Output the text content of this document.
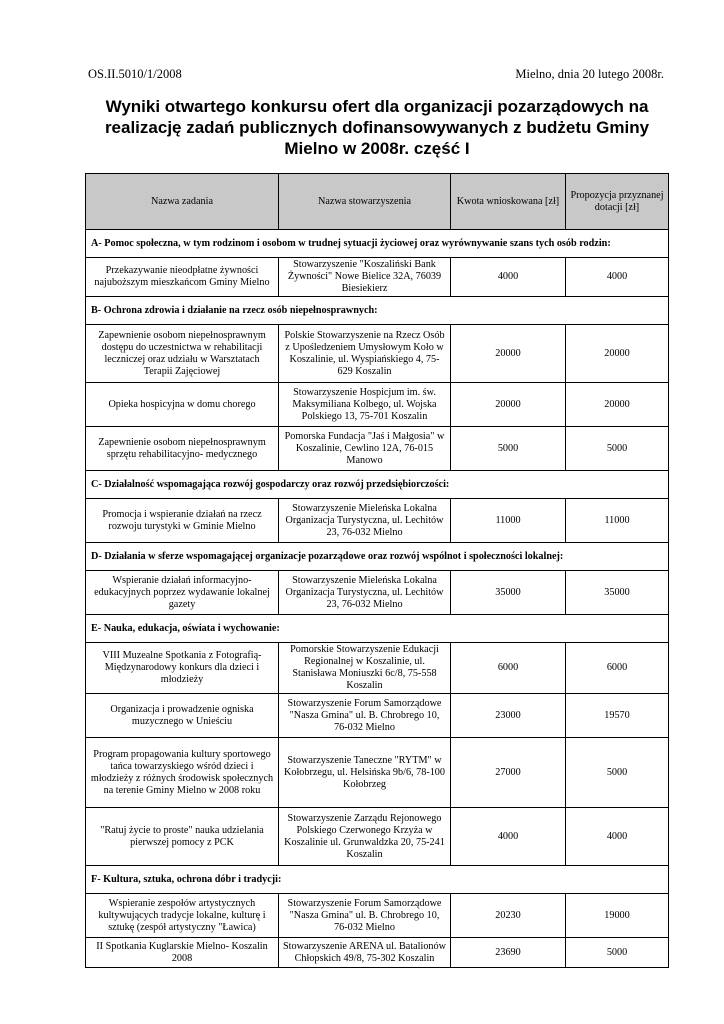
OS.II.5010/1/2008	Mielno, dnia 20 lutego 2008r.
Wyniki otwartego konkursu ofert dla organizacji pozarządowych na realizację zadań publicznych dofinansowywanych z budżetu Gminy Mielno w 2008r. część I
Nazwa zadania	Nazwa stowarzyszenia	Kwota wnioskowana [zł]	Propozycja przyznanej dotacji [zł]
A- Pomoc społeczna, w tym rodzinom i osobom w trudnej sytuacji życiowej oraz wyrównywanie szans tych osób rodzin:			
Przekazywanie nieodpłatne żywności najuboższym mieszkańcom Gminy Mielno	Stowarzyszenie "Koszaliński Bank Żywności" Nowe Bielice 32A, 76039 Biesiekierz	4000	4000
B- Ochrona zdrowia i działanie na rzecz osób niepełnosprawnych:			
Zapewnienie osobom niepełnosprawnym dostępu do uczestnictwa w rehabilitacji leczniczej oraz udziału w Warsztatach Terapii Zajęciowej	Polskie Stowarzyszenie na Rzecz Osób z Upośledzeniem Umysłowym Koło w Koszalinie, ul. Wyspiańskiego 4, 75-629 Koszalin	20000	20000
Opieka hospicyjna w domu chorego	Stowarzyszenie Hospicjum im. św. Maksymiliana Kolbego, ul. Wojska Polskiego 13, 75-701 Koszalin	20000	20000
Zapewnienie osobom niepełnosprawnym sprzętu rehabilitacyjno- medycznego	Pomorska Fundacja "Jaś i Małgosia" w Koszalinie, Cewlino 12A, 76-015 Manowo	5000	5000
C- Działalność wspomagająca rozwój gospodarczy oraz rozwój przedsiębiorczości:			
Promocja i wspieranie działań na rzecz rozwoju turystyki w Gminie Mielno	Stowarzyszenie Mieleńska Lokalna Organizacja Turystyczna, ul. Lechitów 23, 76-032 Mielno	11000	11000
D- Działania w sferze wspomagającej organizacje pozarządowe oraz rozwój wspólnot i społeczności lokalnej:			
Wspieranie działań informacyjno-edukacyjnych poprzez wydawanie lokalnej gazety	Stowarzyszenie Mieleńska Lokalna Organizacja Turystyczna, ul. Lechitów 23, 76-032 Mielno	35000	35000
E- Nauka, edukacja, oświata i wychowanie:			
VIII Muzealne Spotkania z Fotografią- Międzynarodowy konkurs dla dzieci i młodzieży	Pomorskie Stowarzyszenie Edukacji Regionalnej w Koszalinie, ul. Stanisława Moniuszki 6c/8, 75-558 Koszalin	6000	6000
Organizacja i prowadzenie ogniska muzycznego w Unieściu	Stowarzyszenie Forum Samorządowe "Nasza Gmina" ul. B. Chrobrego 10, 76-032 Mielno	23000	19570
Program propagowania kultury sportowego tańca towarzyskiego wśród dzieci i młodzieży z różnych środowisk społecznych na terenie Gminy Mielno w 2008 roku	Stowarzyszenie Taneczne "RYTM" w Kołobrzegu, ul. Helsińska 9b/6, 78-100 Kołobrzeg	27000	5000
"Ratuj życie to proste" nauka udzielania pierwszej pomocy z PCK	Stowarzyszenie Zarządu Rejonowego Polskiego Czerwonego Krzyża w Koszalinie ul. Grunwaldzka 20, 75-241 Koszalin	4000	4000
F- Kultura, sztuka, ochrona dóbr i tradycji:			
Wspieranie zespołów artystycznych kultywujących tradycje lokalne, kulturę i sztukę (zespół artystyczny "Ławica)	Stowarzyszenie Forum Samorządowe "Nasza Gmina" ul. B. Chrobrego 10, 76-032 Mielno	20230	19000
II Spotkania Kuglarskie Mielno- Koszalin 2008	Stowarzyszenie ARENA ul. Batalionów Chłopskich 49/8, 75-302 Koszalin	23690	5000
